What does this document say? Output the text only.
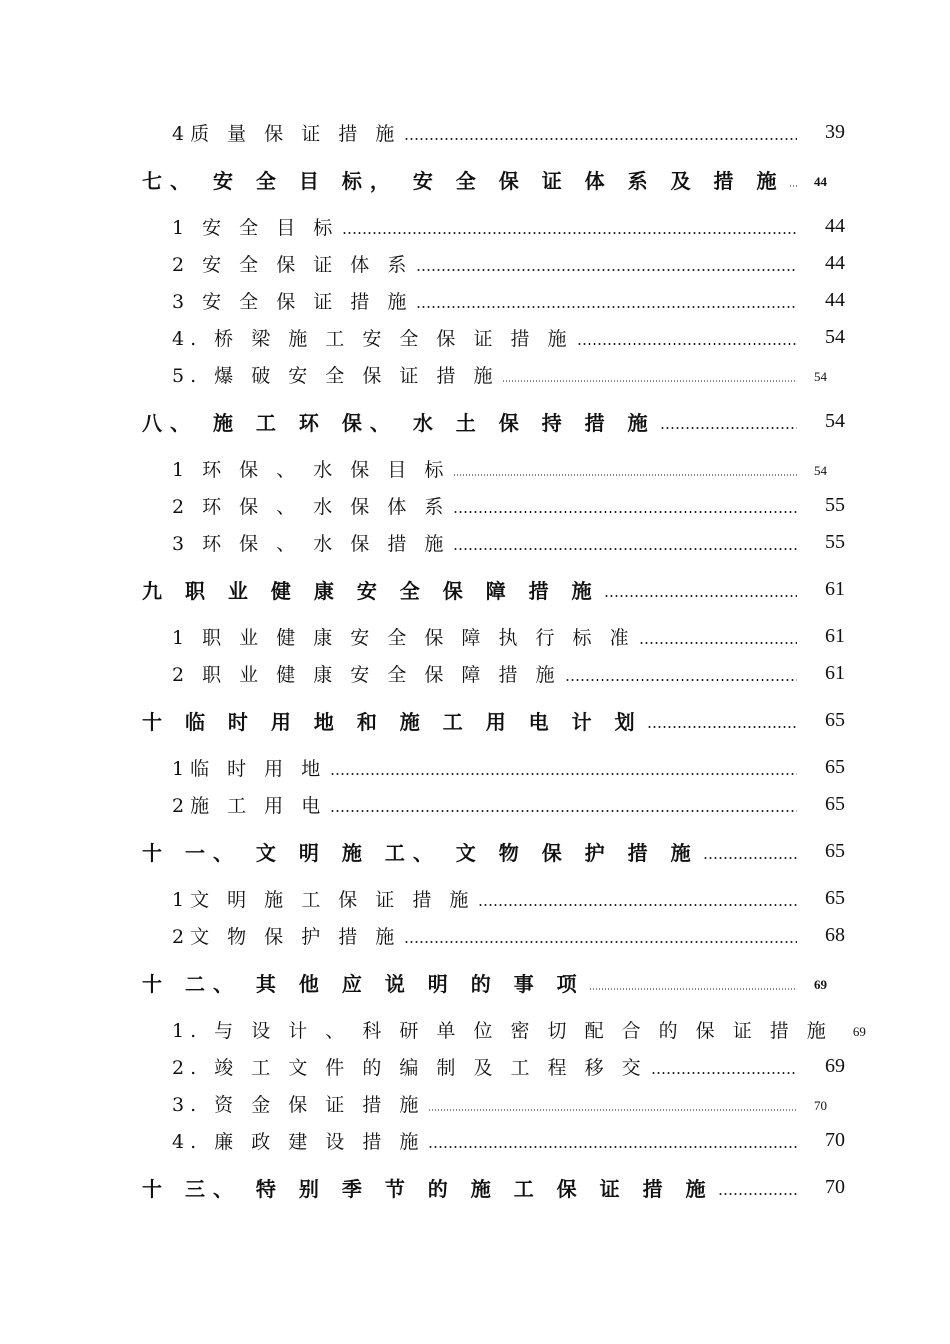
4质 量 保 证 措 施	39
七、 安 全 目 标， 安 全 保 证 体 系 及 措 施	44
1 安 全 目 标	44
2 安 全 保 证 体 系	44
3 安 全 保 证 措 施	44
4. 桥 梁 施 工 安 全 保 证 措 施	54
5. 爆 破 安 全 保 证 措 施	54
八、 施 工 环 保、 水 土 保 持 措 施	54
1 环 保 、 水 保 目 标	54
2 环 保 、 水 保 体 系	55
3 环 保 、 水 保 措 施	55
九 职 业 健 康 安 全 保 障 措 施	61
1 职 业 健 康 安 全 保 障 执 行 标 准	61
2 职 业 健 康 安 全 保 障 措 施	61
十 临 时 用 地 和 施 工 用 电 计 划	65
1临 时 用 地	65
2施 工 用 电	65
十 一、 文 明 施 工、 文 物 保 护 措 施	65
1文 明 施 工 保 证 措 施	65
2文 物 保 护 措 施	68
十 二、 其 他 应 说 明 的 事 项	69
1. 与 设 计 、 科 研 单 位 密 切 配 合 的 保 证 措 施	69
2. 竣 工 文 件 的 编 制 及 工 程 移 交	69
3. 资 金 保 证 措 施	70
4. 廉 政 建 设 措 施	70
十 三、 特 别 季 节 的 施 工 保 证 措 施	70
